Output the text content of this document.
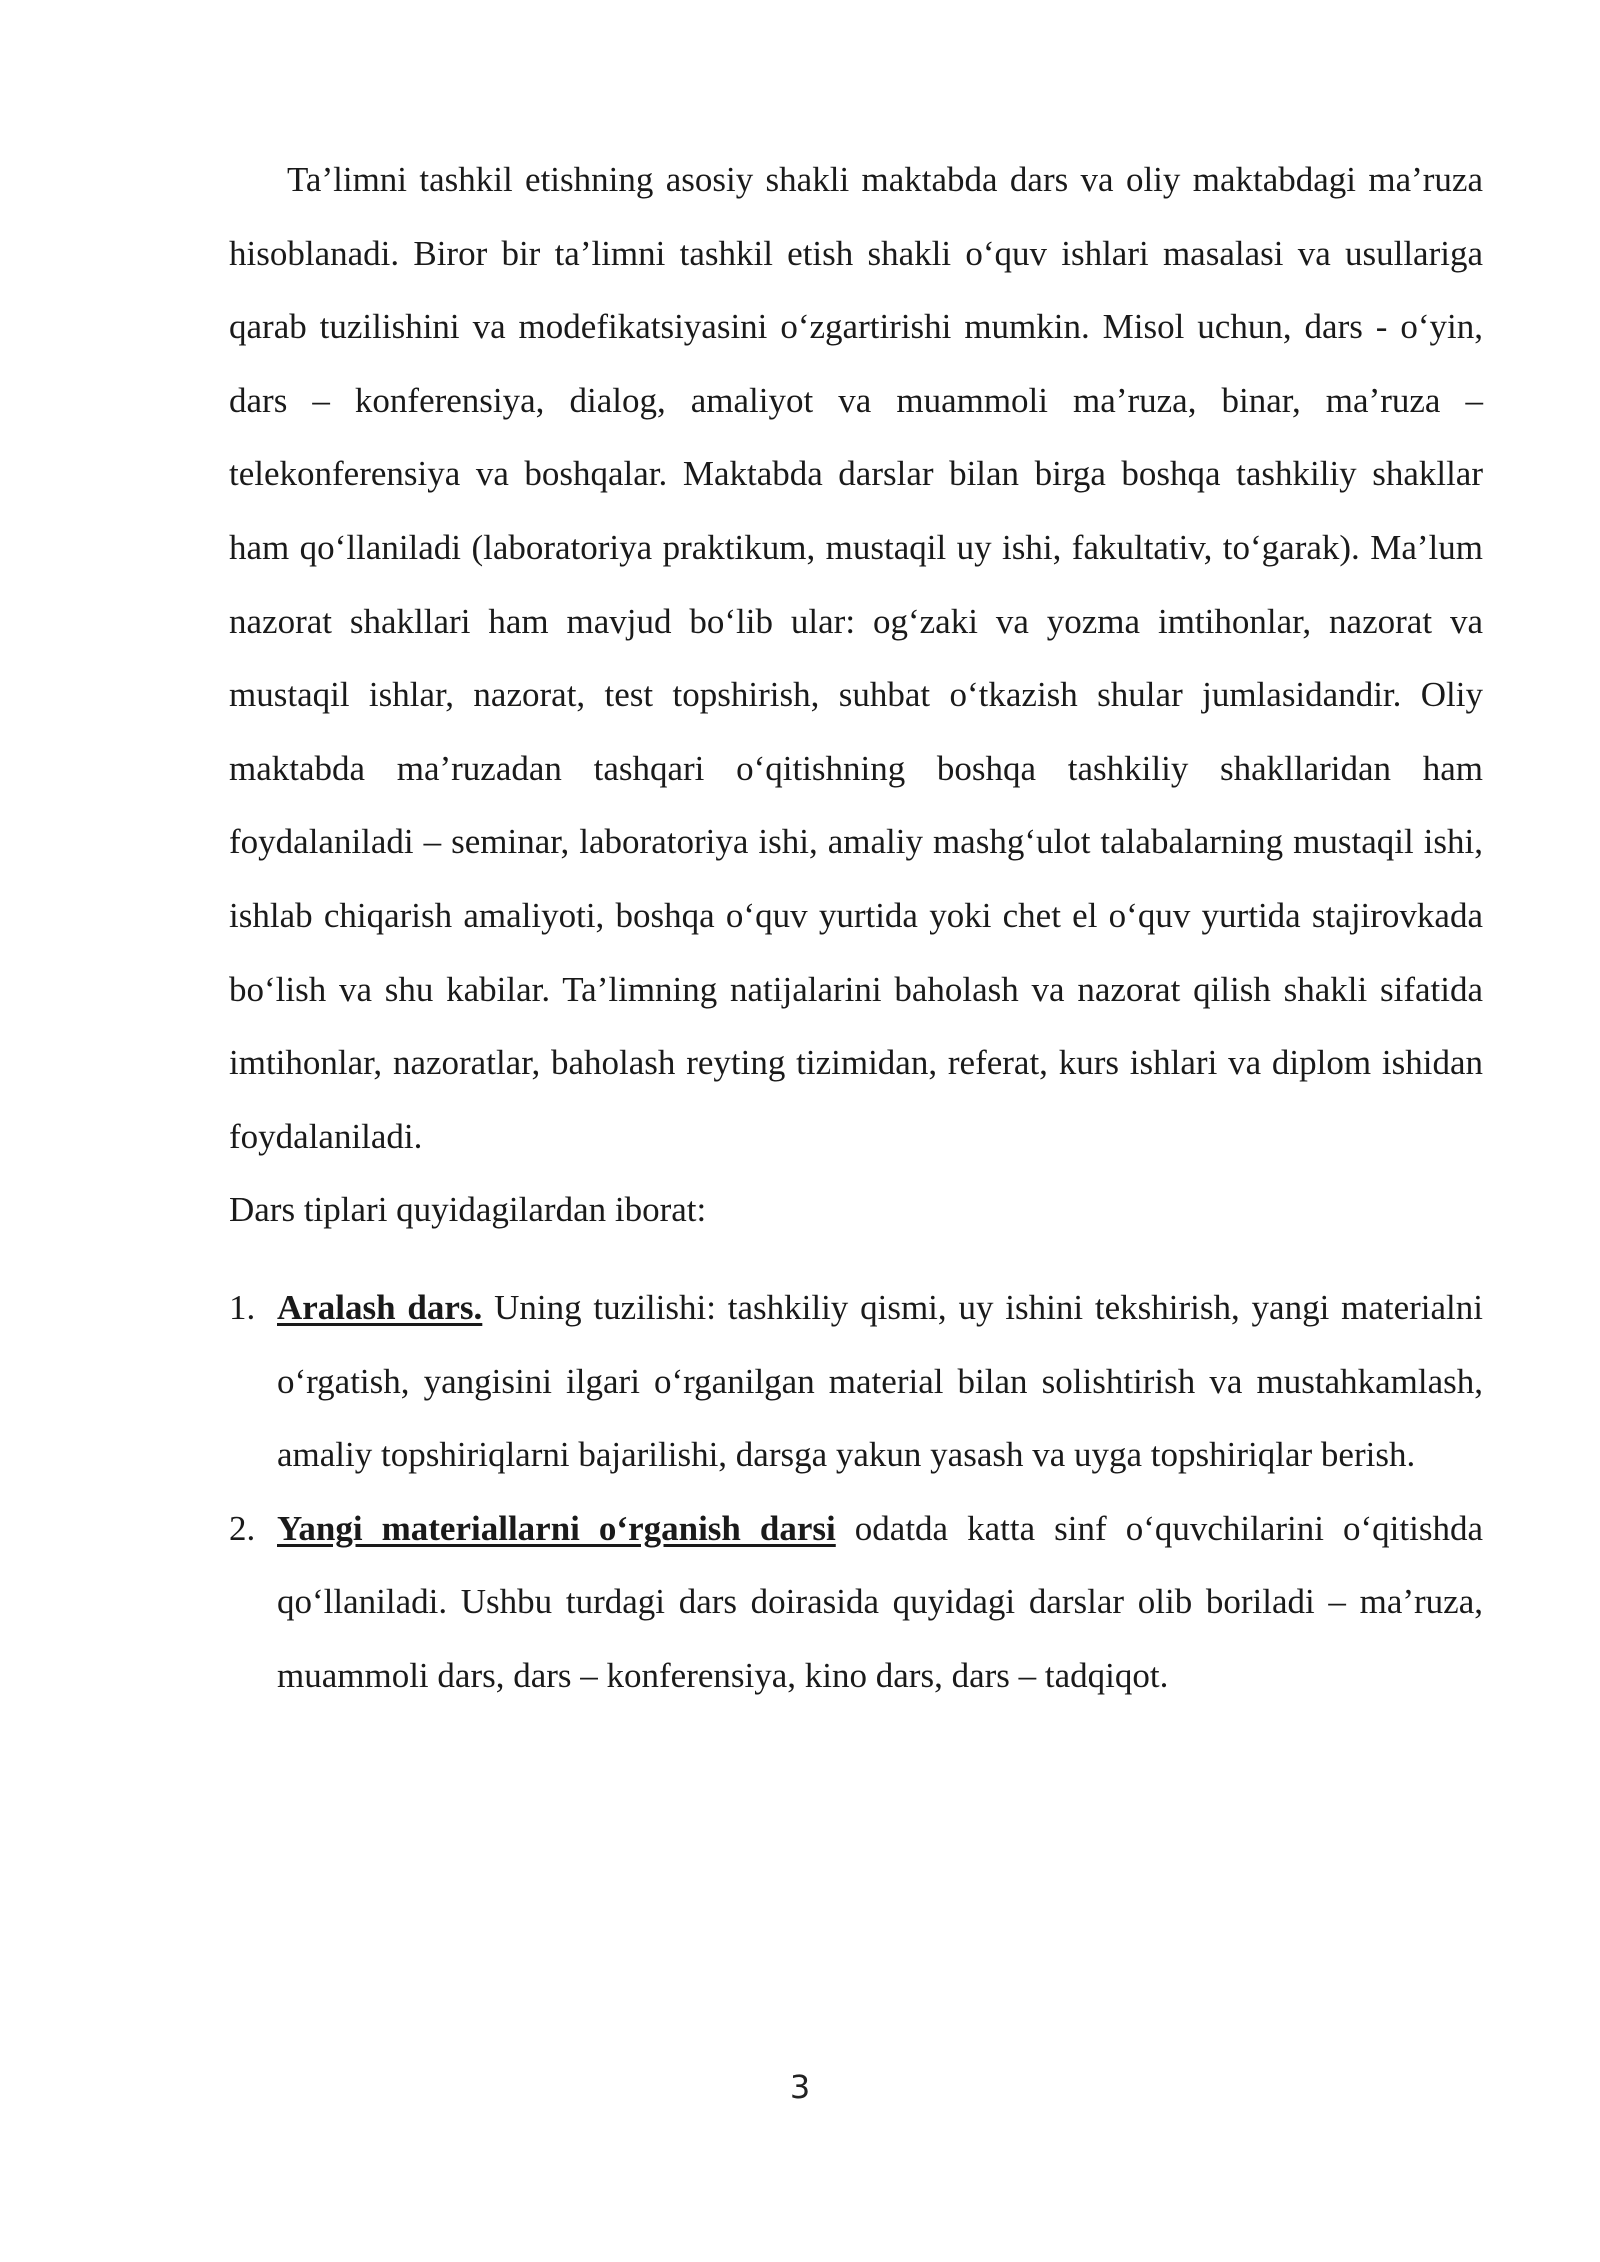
Ta’limni tashkil etishning asosiy shakli maktabda dars va oliy maktabdagi ma’ruza hisoblanadi. Biror bir ta’limni tashkil etish shakli o‘quv ishlari masalasi va usullariga qarab tuzilishini va modefikatsiyasini o‘zgartirishi mumkin. Misol uchun, dars - o‘yin, dars – konferensiya, dialog, amaliyot va muammoli ma’ruza, binar, ma’ruza – telekonferensiya va boshqalar. Maktabda darslar bilan birga boshqa tashkiliy shakllar ham qo‘llaniladi (laboratoriya praktikum, mustaqil uy ishi, fakultativ, to‘garak). Ma’lum nazorat shakllari ham mavjud bo‘lib ular: og‘zaki va yozma imtihonlar, nazorat va mustaqil ishlar, nazorat, test topshirish, suhbat o‘tkazish shular jumlasidandir. Oliy maktabda ma’ruzadan tashqari o‘qitishning boshqa tashkiliy shakllaridan ham foydalaniladi – seminar, laboratoriya ishi, amaliy mashg‘ulot talabalarning mustaqil ishi, ishlab chiqarish amaliyoti, boshqa o‘quv yurtida yoki chet el o‘quv yurtida stajirovkada bo‘lish va shu kabilar. Ta’limning natijalarini baholash va nazorat qilish shakli sifatida imtihonlar, nazoratlar, baholash reyting tizimidan, referat, kurs ishlari va diplom ishidan foydalaniladi.

Dars tiplari quyidagilardan iborat:

1. Aralash dars. Uning tuzilishi: tashkiliy qismi, uy ishini tekshirish, yangi materialni o‘rgatish, yangisini ilgari o‘rganilgan material bilan solishtirish va mustahkamlash, amaliy topshiriqlarni bajarilishi, darsga yakun yasash va uyga topshiriqlar berish.
2. Yangi materiallarni o‘rganish darsi odatda katta sinf o‘quvchilarini o‘qitishda qo‘llaniladi. Ushbu turdagi dars doirasida quyidagi darslar olib boriladi – ma’ruza, muammoli dars, dars – konferensiya, kino dars, dars – tadqiqot.
3
